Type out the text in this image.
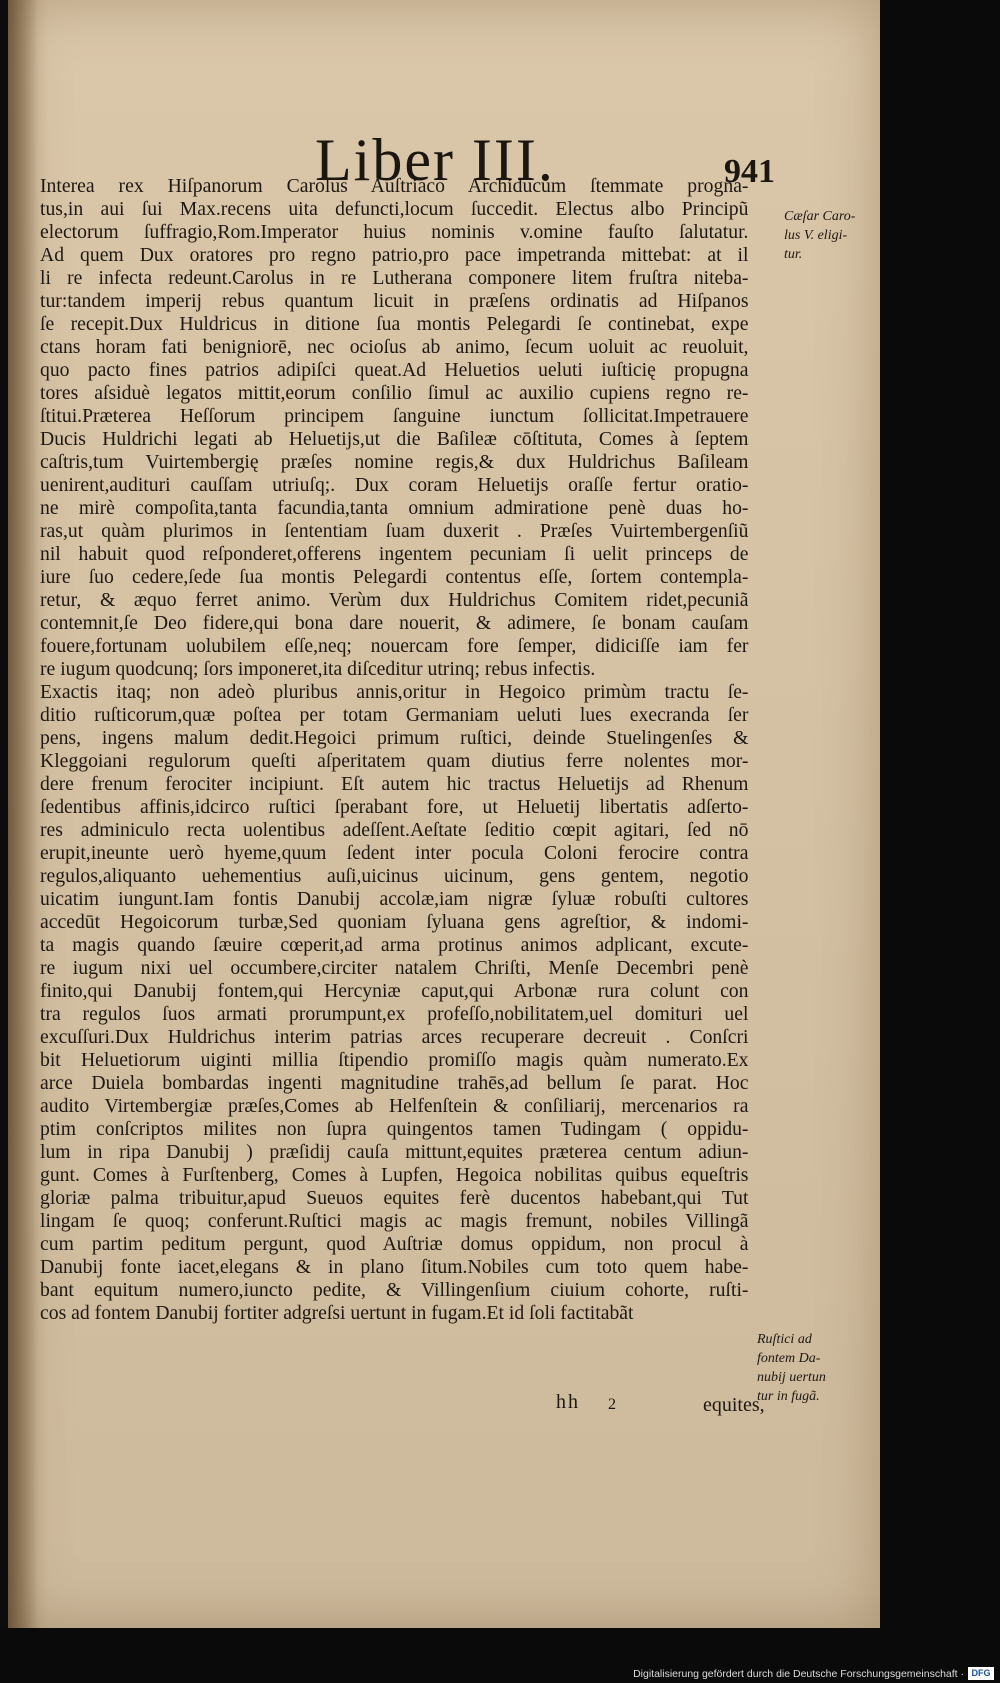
Liber III.	941
Interea rex Hiſpanorum Carolus Auſtriaco Archiducum ſtemmate progna-
tus,in aui ſui Max.recens uita defuncti,locum ſuccedit. Electus albo Principũ
electorum ſuffragio,Rom.Imperator huius nominis v.omine fauſto ſalutatur.
Ad quem Dux oratores pro regno patrio,pro pace impetranda mittebat: at il
li re infecta redeunt.Carolus in re Lutherana componere litem fruſtra niteba-
tur:tandem imperij rebus quantum licuit in præſens ordinatis ad Hiſpanos
ſe recepit.Dux Huldricus in ditione ſua montis Pelegardi ſe continebat, expe
ctans horam fati benigniorē, nec ocioſus ab animo, ſecum uoluit ac reuoluit,
quo pacto fines patrios adipiſci queat.Ad Heluetios ueluti iuſticię propugna
tores aſsiduè legatos mittit,eorum conſilio ſimul ac auxilio cupiens regno re-
ſtitui.Præterea Heſſorum principem ſanguine iunctum ſollicitat.Impetrauere
Ducis Huldrichi legati ab Heluetijs,ut die Baſileæ cōſtituta, Comes à ſeptem
caſtris,tum Vuirtembergię præſes nomine regis,& dux Huldrichus Baſileam
uenirent,audituri cauſſam utriuſq;. Dux coram Heluetijs oraſſe fertur oratio-
ne mirè compoſita,tanta facundia,tanta omnium admiratione penè duas ho-
ras,ut quàm plurimos in ſententiam ſuam duxerit . Præſes Vuirtembergenſiũ
nil habuit quod reſponderet,offerens ingentem pecuniam ſi uelit princeps de
iure ſuo cedere,ſede ſua montis Pelegardi contentus eſſe, ſortem contempla-
retur, & æquo ferret animo. Verùm dux Huldrichus Comitem ridet,pecuniã
contemnit,ſe Deo fidere,qui bona dare nouerit, & adimere, ſe bonam cauſam
fouere,fortunam uolubilem eſſe,neq; nouercam fore ſemper, didiciſſe iam fer
re iugum quodcunq; ſors imponeret,ita diſceditur utrinq; rebus infectis.
Exactis itaq; non adeò pluribus annis,oritur in Hegoico primùm tractu ſe-
ditio ruſticorum,quæ poſtea per totam Germaniam ueluti lues execranda ſer
pens, ingens malum dedit.Hegoici primum ruſtici, deinde Stuelingenſes &
Kleggoiani regulorum queſti aſperitatem quam diutius ferre nolentes mor-
dere frenum ferociter incipiunt. Eſt autem hic tractus Heluetijs ad Rhenum
ſedentibus affinis,idcirco ruſtici ſperabant fore, ut Heluetij libertatis adſerto-
res adminiculo recta uolentibus adeſſent.Aeſtate ſeditio cœpit agitari, ſed nō
erupit,ineunte uerò hyeme,quum ſedent inter pocula Coloni ferocire contra
regulos,aliquanto uehementius auſi,uicinus uicinum, gens gentem, negotio
uicatim iungunt.Iam fontis Danubij accolæ,iam nigræ ſyluæ robuſti cultores
accedūt Hegoicorum turbæ,Sed quoniam ſyluana gens agreſtior, & indomi-
ta magis quando ſæuire cœperit,ad arma protinus animos adplicant, excute-
re iugum nixi uel occumbere,circiter natalem Chriſti, Menſe Decembri penè
finito,qui Danubij fontem,qui Hercyniæ caput,qui Arbonæ rura colunt con
tra regulos ſuos armati prorumpunt,ex profeſſo,nobilitatem,uel domituri uel
excuſſuri.Dux Huldrichus interim patrias arces recuperare decreuit . Conſcri
bit Heluetiorum uiginti millia ſtipendio promiſſo magis quàm numerato.Ex
arce Duiela bombardas ingenti magnitudine trahēs,ad bellum ſe parat. Hoc
audito Virtembergiæ præſes,Comes ab Helfenſtein & conſiliarij, mercenarios ra
ptim conſcriptos milites non ſupra quingentos tamen Tudingam ( oppidu-
lum in ripa Danubij ) præſidij cauſa mittunt,equites præterea centum adiun-
gunt. Comes à Furſtenberg, Comes à Lupfen, Hegoica nobilitas quibus equeſtris
gloriæ palma tribuitur,apud Sueuos equites ferè ducentos habebant,qui Tut
lingam ſe quoq; conferunt.Ruſtici magis ac magis fremunt, nobiles Villingã
cum partim peditum pergunt, quod Auſtriæ domus oppidum, non procul à
Danubij fonte iacet,elegans & in plano ſitum.Nobiles cum toto quem habe-
bant equitum numero,iuncto pedite, & Villingenſium ciuium cohorte, ruſti-
cos ad fontem Danubij fortiter adgreſsi uertunt in fugam.Et id ſoli factitabãt
Cæſar Caro-
lus V. eligi-
tur.
Ruſtici ad
fontem Da-
nubij uertun
tur in fugã.
hh 2	equites,
Digitalisierung gefördert durch die Deutsche Forschungsgemeinschaft · DFG
